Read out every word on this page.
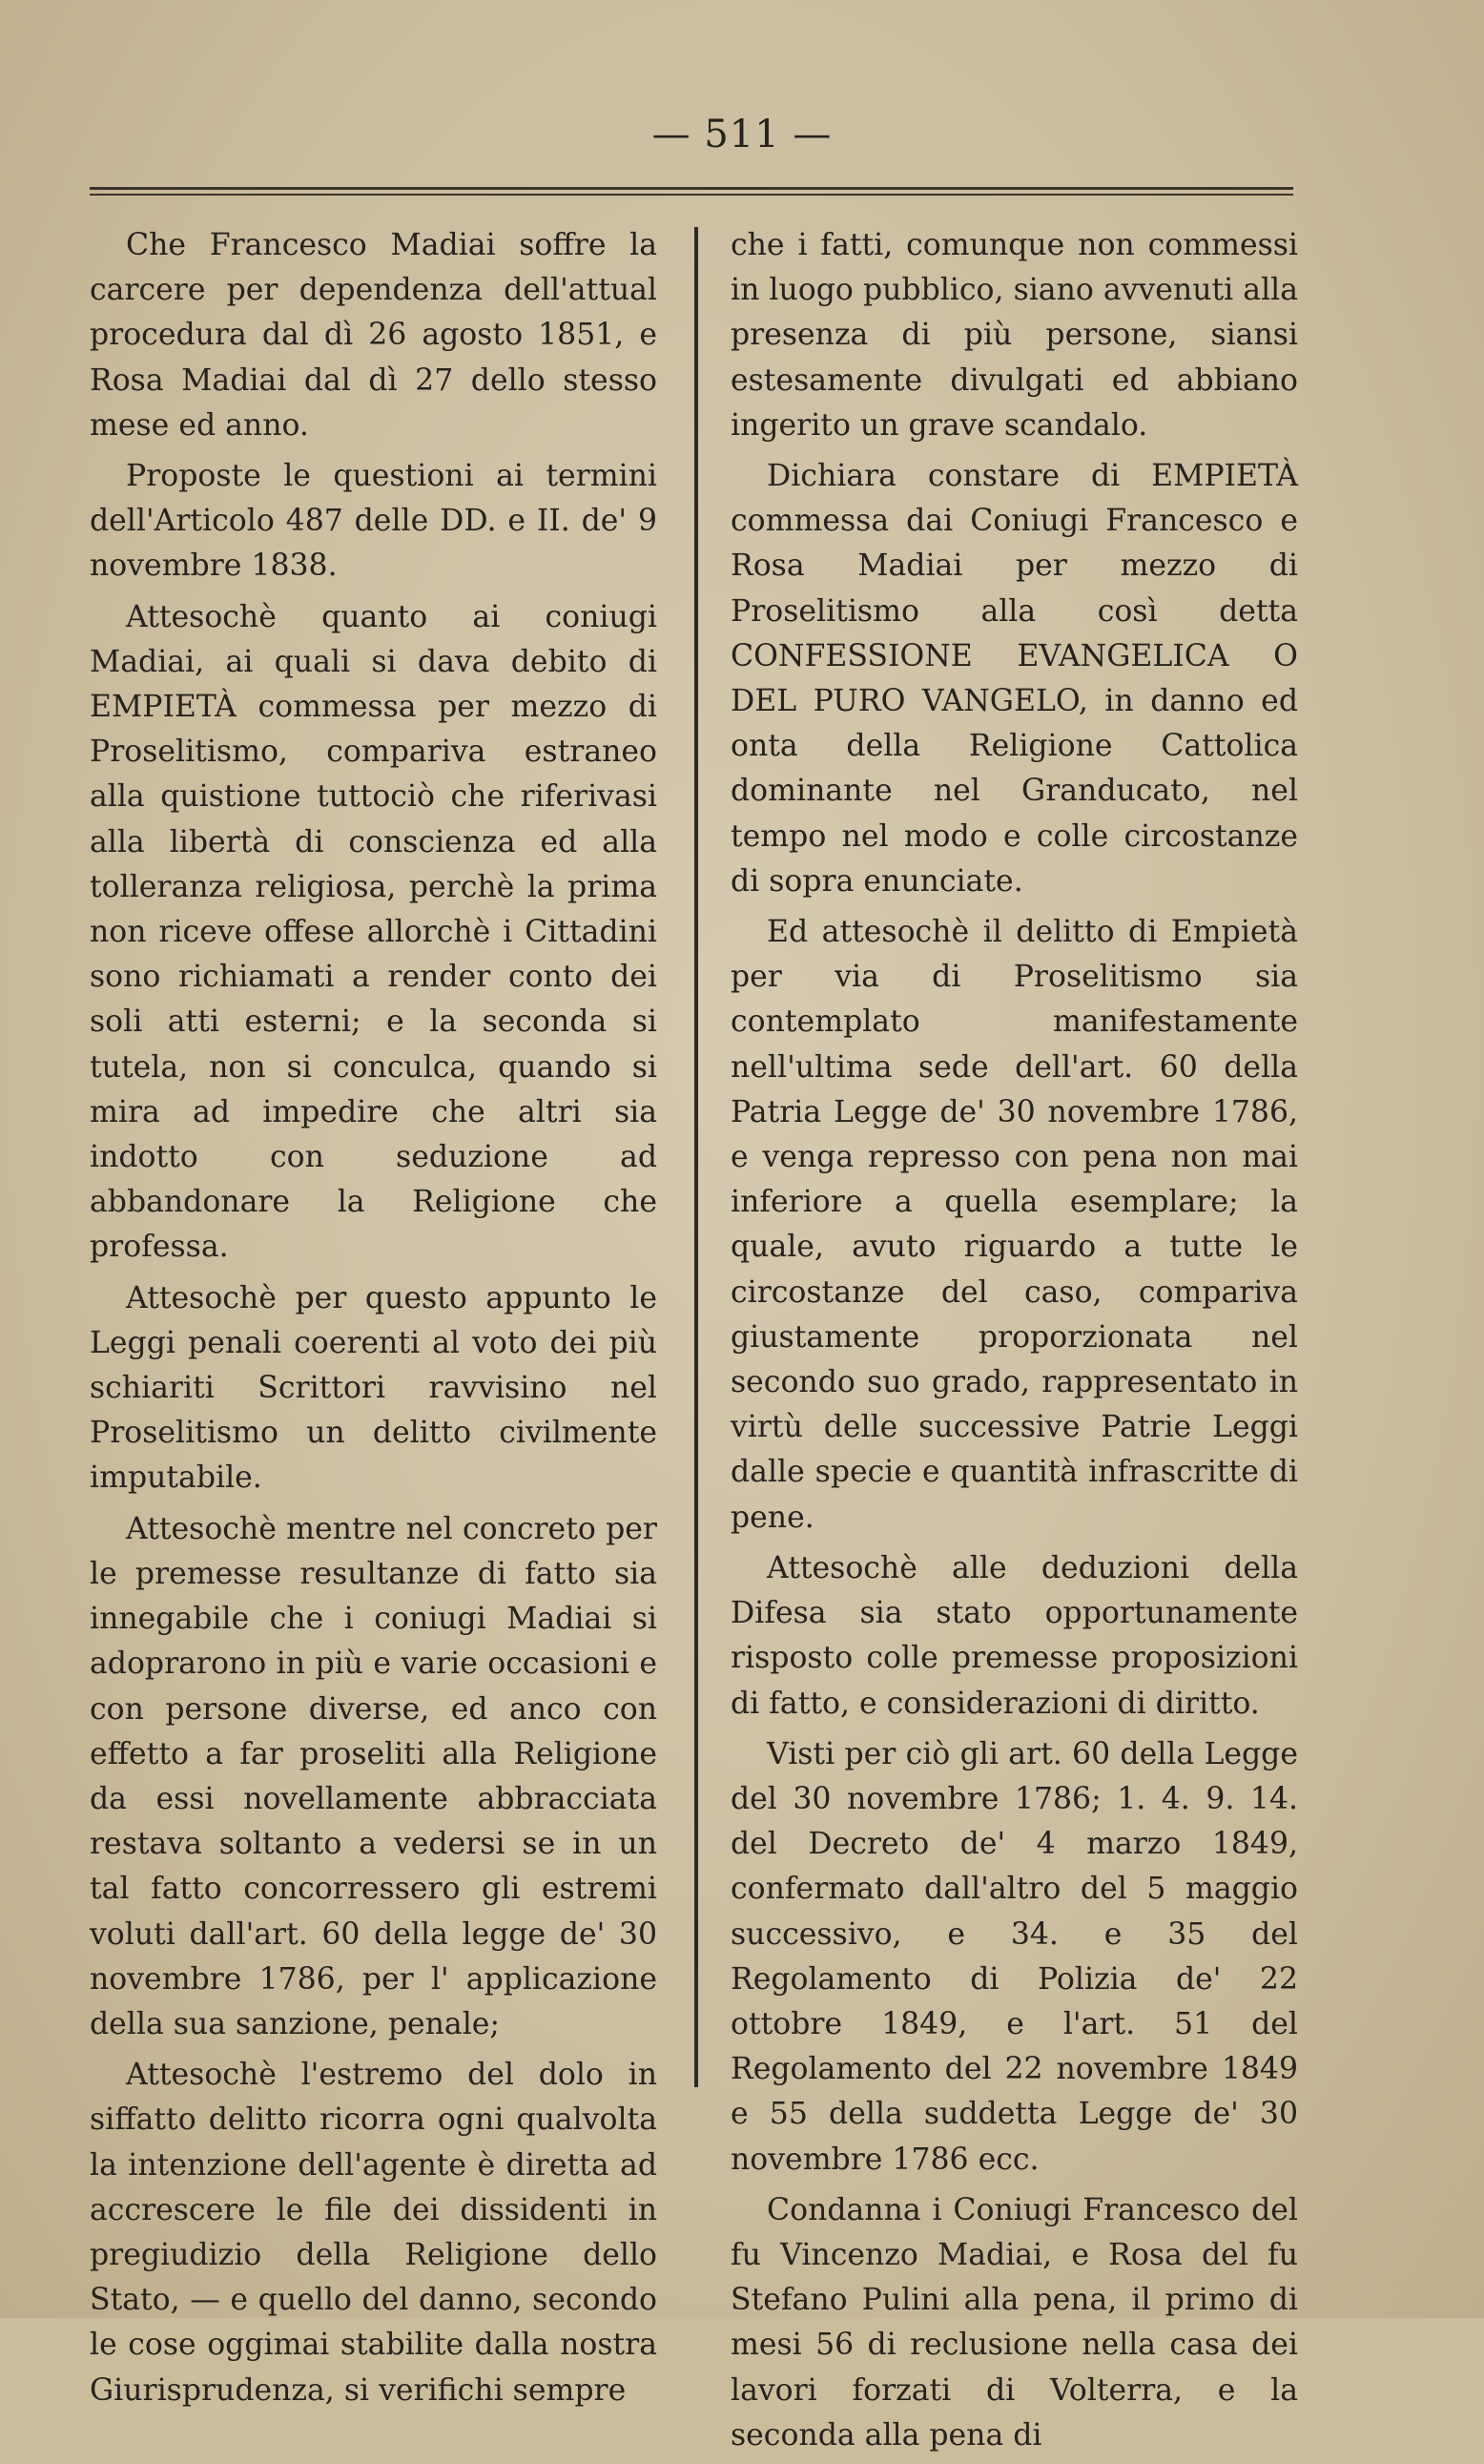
— 511 —

Che Francesco Madiai soffre la carcere per dependenza dell'attual procedura dal dì 26 agosto 1851, e Rosa Madiai dal dì 27 dello stesso mese ed anno.

Proposte le questioni ai termini dell'Articolo 487 delle DD. e II. de' 9 novembre 1838.

Attesochè quanto ai coniugi Madiai, ai quali si dava debito di EMPIETÀ commessa per mezzo di Proselitismo, compariva estraneo alla quistione tuttociò che riferivasi alla libertà di conscienza ed alla tolleranza religiosa, perchè la prima non riceve offese allorchè i Cittadini sono richiamati a render conto dei soli atti esterni; e la seconda si tutela, non si conculca, quando si mira ad impedire che altri sia indotto con seduzione ad abbandonare la Religione che professa.

Attesochè per questo appunto le Leggi penali coerenti al voto dei più schiariti Scrittori ravvisino nel Proselitismo un delitto civilmente imputabile.

Attesochè mentre nel concreto per le premesse resultanze di fatto sia innegabile che i coniugi Madiai si adoprarono in più e varie occasioni e con persone diverse, ed anco con effetto a far proseliti alla Religione da essi novellamente abbracciata restava soltanto a vedersi se in un tal fatto concorressero gli estremi voluti dall'art. 60 della legge de' 30 novembre 1786, per l' applicazione della sua sanzione, penale;

Attesochè l'estremo del dolo in siffatto delitto ricorra ogni qualvolta la intenzione dell'agente è diretta ad accrescere le file dei dissidenti in pregiudizio della Religione dello Stato, — e quello del danno, secondo le cose oggimai stabilite dalla nostra Giurisprudenza, si verifichi sempre

che i fatti, comunque non commessi in luogo pubblico, siano avvenuti alla presenza di più persone, siansi estesamente divulgati ed abbiano ingerito un grave scandalo.

Dichiara constare di EMPIETÀ commessa dai Coniugi Francesco e Rosa Madiai per mezzo di Proselitismo alla così detta CONFESSIONE EVANGELICA O DEL PURO VANGELO, in danno ed onta della Religione Cattolica dominante nel Granducato, nel tempo nel modo e colle circostanze di sopra enunciate.

Ed attesochè il delitto di Empietà per via di Proselitismo sia contemplato manifestamente nell'ultima sede dell'art. 60 della Patria Legge de' 30 novembre 1786, e venga represso con pena non mai inferiore a quella esemplare; la quale, avuto riguardo a tutte le circostanze del caso, compariva giustamente proporzionata nel secondo suo grado, rappresentato in virtù delle successive Patrie Leggi dalle specie e quantità infrascritte di pene.

Attesochè alle deduzioni della Difesa sia stato opportunamente risposto colle premesse proposizioni di fatto, e considerazioni di diritto.

Visti per ciò gli art. 60 della Legge del 30 novembre 1786; 1. 4. 9. 14. del Decreto de' 4 marzo 1849, confermato dall'altro del 5 maggio successivo, e 34. e 35 del Regolamento di Polizia de' 22 ottobre 1849, e l'art. 51 del Regolamento del 22 novembre 1849 e 55 della suddetta Legge de' 30 novembre 1786 ecc.

Condanna i Coniugi Francesco del fu Vincenzo Madiai, e Rosa del fu Stefano Pulini alla pena, il primo di mesi 56 di reclusione nella casa dei lavori forzati di Volterra, e la seconda alla pena di
